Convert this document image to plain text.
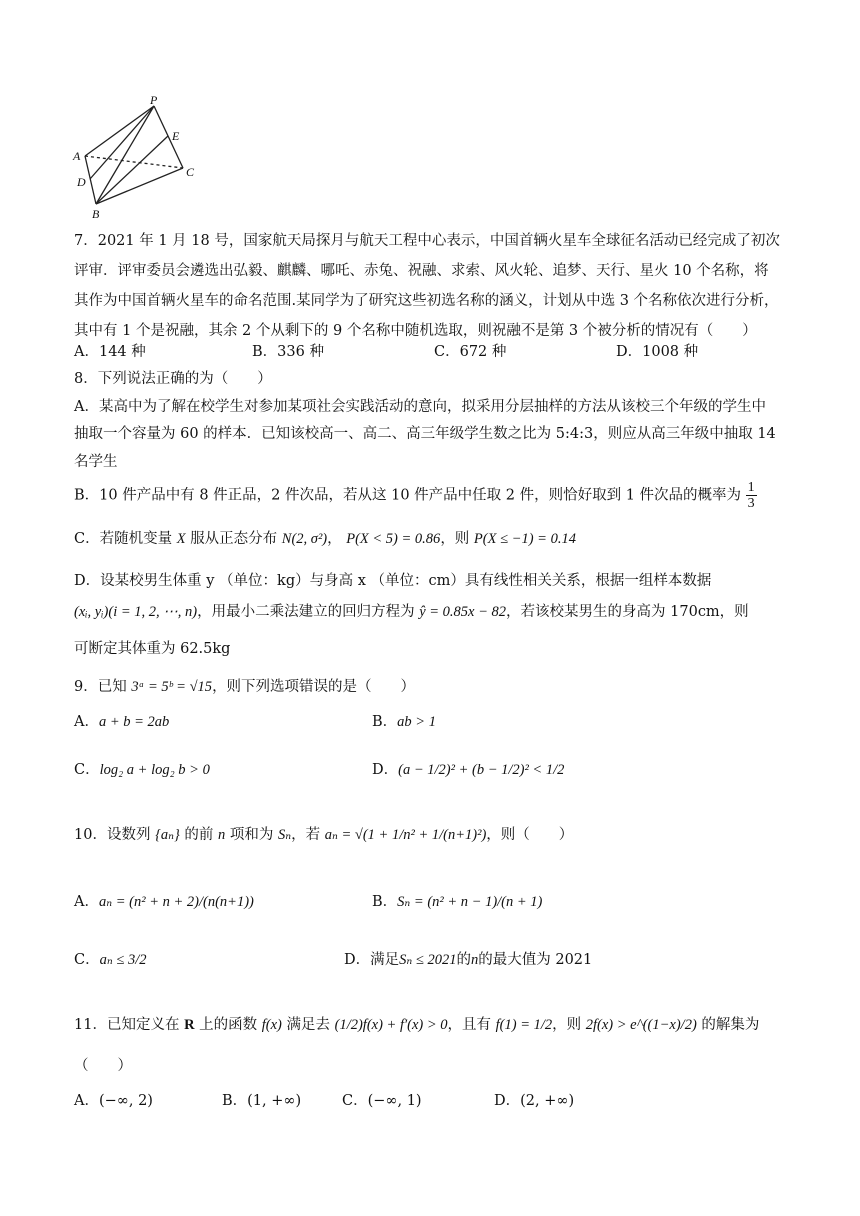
P
A
E
C
D
B
7．2021 年 1 月 18 号，国家航天局探月与航天工程中心表示，中国首辆火星车全球征名活动已经完成了初次
评审．评审委员会遴选出弘毅、麒麟、哪吒、赤兔、祝融、求索、风火轮、追梦、天行、星火 10 个名称，将
其作为中国首辆火星车的命名范围.某同学为了研究这些初选名称的涵义，计划从中选 3 个名称依次进行分析，
其中有 1 个是祝融，其余 2 个从剩下的 9 个名称中随机选取，则祝融不是第 3 个被分析的情况有（　　）
A．144 种	B．336 种	C．672 种	D．1008 种
8．下列说法正确的为（　　）
A．某高中为了解在校学生对参加某项社会实践活动的意向，拟采用分层抽样的方法从该校三个年级的学生中
抽取一个容量为 60 的样本．已知该校高一、高二、高三年级学生数之比为 5:4:3，则应从高三年级中抽取 14
名学生
B．10 件产品中有 8 件正品，2 件次品，若从这 10 件产品中任取 2 件，则恰好取到 1 件次品的概率为 $\frac{1}{3}$
C．若随机变量 X 服从正态分布 N(2, σ²)， P(X < 5) = 0.86，则 P(X ≤ −1) = 0.14
D．设某校男生体重 y （单位：kg）与身高 x （单位：cm）具有线性相关关系，根据一组样本数据
(xᵢ, yᵢ)(i = 1, 2, ⋯, n)，用最小二乘法建立的回归方程为 ŷ = 0.85x − 82，若该校某男生的身高为 170cm，则
可断定其体重为 62.5kg
9．已知 3ᵃ = 5ᵇ = √15，则下列选项错误的是（　　）
A．a + b = 2ab	B．ab > 1
C．log₂ a + log₂ b > 0	D．(a − 1/2)² + (b − 1/2)² < 1/2
10．设数列 {aₙ} 的前 n 项和为 Sₙ，若 aₙ = √(1 + 1/n² + 1/(n+1)²)，则（　　）
A．aₙ = (n² + n + 2)/(n(n+1))	B．Sₙ = (n² + n − 1)/(n + 1)
C．aₙ ≤ 3/2	D．满足Sₙ ≤ 2021的n的最大值为 2021
11．已知定义在 R 上的函数 f(x) 满足去 (1/2)f(x) + f′(x) > 0，且有 f(1) = 1/2，则 2f(x) > e^((1−x)/2) 的解集为
（　　）
A．(−∞, 2)	B．(1, +∞)	C．(−∞, 1)	D．(2, +∞)
